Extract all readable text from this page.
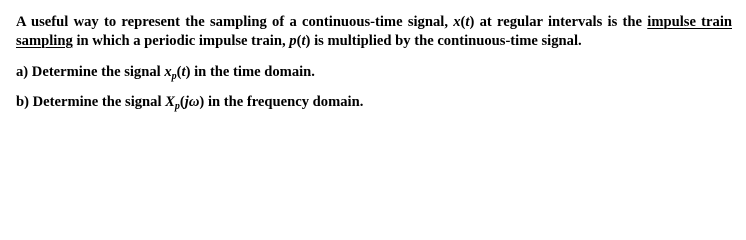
A useful way to represent the sampling of a continuous-time signal, x(t) at regular intervals is the impulse train sampling in which a periodic impulse train, p(t) is multiplied by the continuous-time signal.

a) Determine the signal $x_p(t)$ in the time domain.

b) Determine the signal $X_p(j\omega)$ in the frequency domain.
